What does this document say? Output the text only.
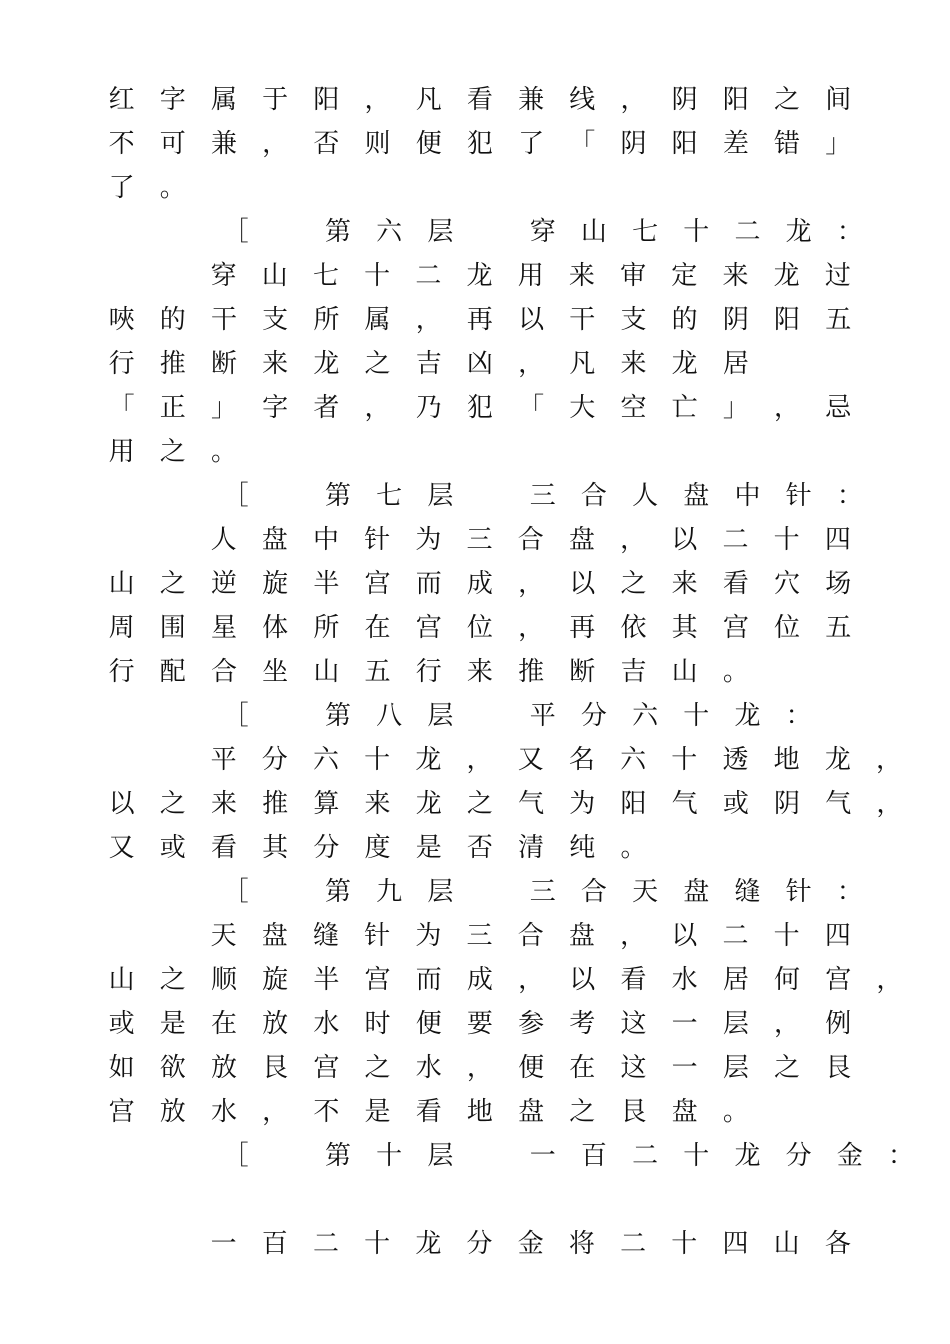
红 字 属 于 阳 ， 凡 看 兼 线 ， 阴 阳 之 间
不 可 兼 ， 否 则 便 犯 了 「 阴 阳 差 错 」
了 。
［	第 六 层	穿 山 七 十 二 龙 ：
穿 山 七 十 二 龙 用 来 审 定 来 龙 过
唊 的 干 支 所 属 ， 再 以 干 支 的 阴 阳 五
行 推 断 来 龙 之 吉 凶 ， 凡 来 龙 居
「 正 」 字 者 ， 乃 犯 「 大 空 亡 」 ， 忌
用 之 。
［	第 七 层	三 合 人 盘 中 针 ：
人 盘 中 针 为 三 合 盘 ， 以 二 十 四
山 之 逆 旋 半 宫 而 成 ， 以 之 来 看 穴 场
周 围 星 体 所 在 宫 位 ， 再 依 其 宫 位 五
行 配 合 坐 山 五 行 来 推 断 吉 山 。
［	第 八 层	平 分 六 十 龙 ：
平 分 六 十 龙 ， 又 名 六 十 透 地 龙 ，
以 之 来 推 算 来 龙 之 气 为 阳 气 或 阴 气 ，
又 或 看 其 分 度 是 否 清 纯 。
［	第 九 层	三 合 天 盘 缝 针 ：
天 盘 缝 针 为 三 合 盘 ， 以 二 十 四
山 之 顺 旋 半 宫 而 成 ， 以 看 水 居 何 宫 ，
或 是 在 放 水 时 便 要 参 考 这 一 层 ， 例
如 欲 放 艮 宫 之 水 ， 便 在 这 一 层 之 艮
宫 放 水 ， 不 是 看 地 盘 之 艮 盘 。
［	第 十 层	一 百 二 十 龙 分 金 ：
一 百 二 十 龙 分 金 将 二 十 四 山 各
